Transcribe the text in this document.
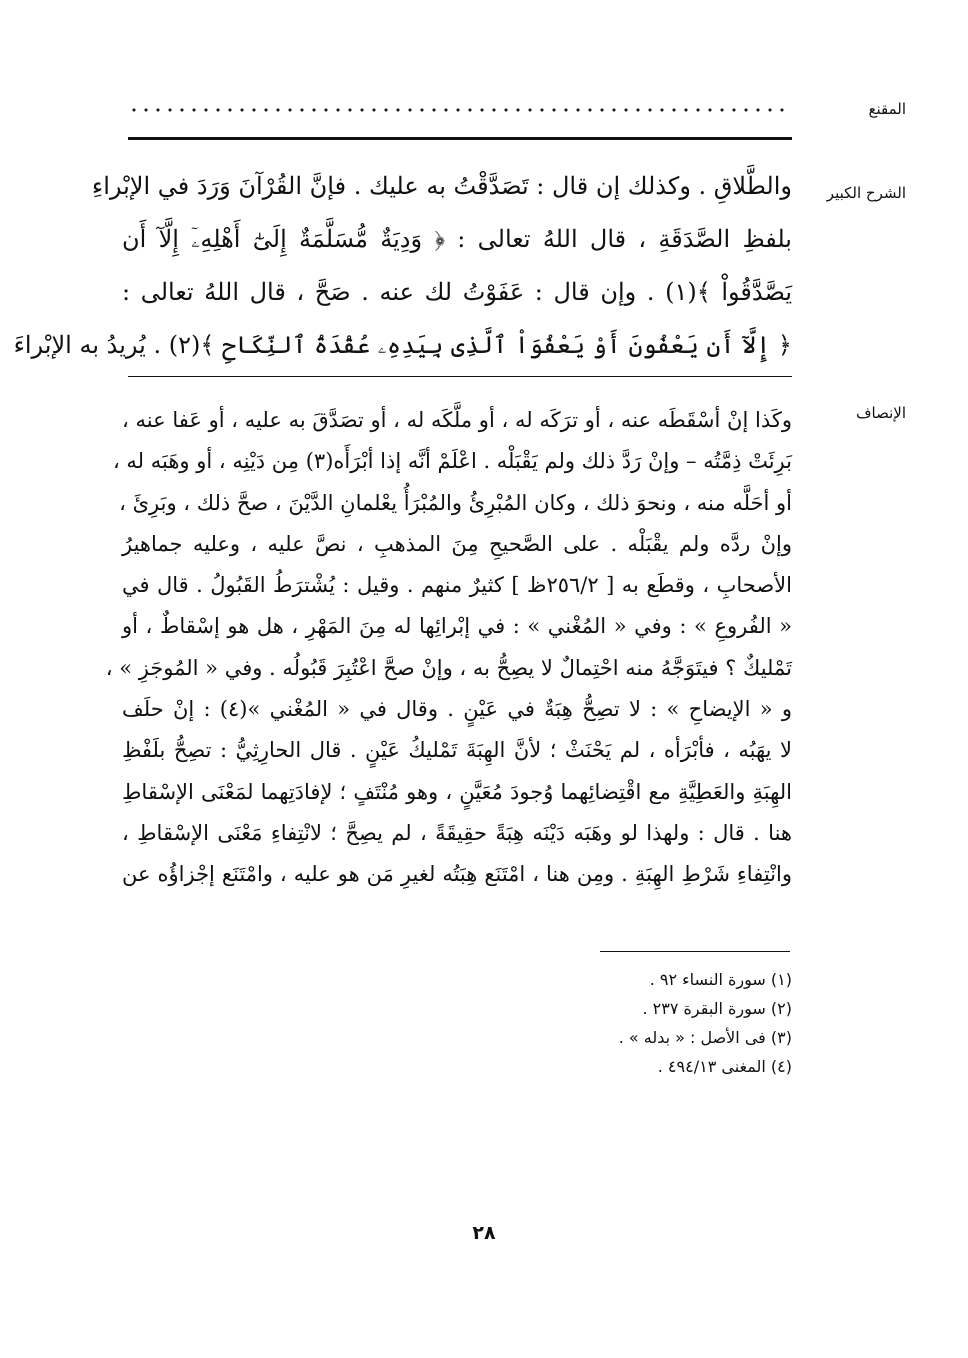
المقنع
الشرح الكبير
والطَّلاقِ . وكذلك إن قال : تَصَدَّقْتُ به عليك . فإنَّ القُرْآنَ وَرَدَ في الإبْراءِ
بلفظِ الصَّدَقَةِ ، قال اللهُ تعالى : ﴿ وَدِيَةٌ مُّسَلَّمَةٌ إِلَىٰٓ أَهْلِهِۦٓ إِلَّآ أَن
يَصَّدَّقُواْ ﴾(١) . وإن قال : عَفَوْتُ لك عنه . صَحَّ ، قال اللهُ تعالى :
﴿ إِلَّآ أَن يَعْفُونَ أَوْ يَعْفُوَاْ ٱلَّذِى بِيَدِهِۦ عُقْدَةُ ٱلنِّكَاحِ ﴾(٢) . يُريدُ به الإبْراءَ
الإنصاف
وكَذا إنْ أسْقَطَه عنه ، أو ترَكَه له ، أو ملَّكَه له ، أو تصَدَّقَ به عليه ، أو عَفا عنه ،
بَرِئَتْ ذِمَّتُه – وإنْ رَدَّ ذلك ولم يَقْبَلْه . اعْلَمْ أنَّه إذا أبْرَأَه(٣) مِن دَيْنِه ، أو وهَبَه له ،
أو أحَلَّه منه ، ونحوَ ذلك ، وكان المُبْرِئُ والمُبْرَأُ يعْلمانِ الدَّيْنَ ، صحَّ ذلك ، وبَرِئَ ،
وإنْ ردَّه ولم يقْبَلْه . على الصَّحيحِ مِنَ المذهبِ ، نصَّ عليه ، وعليه جماهيرُ
الأصحابِ ، وقطَع به [ ٢٥٦/٢ظ ] كثيرٌ منهم . وقيل : يُشْترَطُ القَبُولُ . قال في
« الفُروعِ » : وفي « المُغْني » : في إبْرائِها له مِنَ المَهْرِ ، هل هو إسْقاطٌ ، أو
تَمْليكٌ ؟ فيتَوَجَّهُ منه احْتِمالٌ لا يصِحُّ به ، وإنْ صحَّ اعْتُبِرَ قَبُولُه . وفي « المُوجَزِ » ،
و « الإيضاحِ » : لا تصِحُّ هِبَةٌ في عَيْنٍ . وقال في « المُغْني »(٤) : إنْ حلَف
لا يهَبُه ، فأبْرَأه ، لم يَحْنَثْ ؛ لأنَّ الهِبَةَ تَمْليكُ عَيْنٍ . قال الحارِثِيُّ : تصِحُّ بلَفْظِ
الهِبَةِ والعَطِيَّةِ مع اقْتِضائِهما وُجودَ مُعَيَّنٍ ، وهو مُنْتَفٍ ؛ لإفادَتِهما لمَعْنَى الإسْقاطِ
هنا . قال : ولهذا لو وهَبَه دَيْنَه هِبَةً حقِيقَةً ، لم يصِحَّ ؛ لانْتِفاءِ مَعْنَى الإسْقاطِ ،
وانْتِفاءِ شَرْطِ الهِبَةِ . ومِن هنا ، امْتَنَع هِبَتُه لغيرِ مَن هو عليه ، وامْتَنَع إجْزاؤُه عن
(١) سورة النساء ٩٢ .
(٢) سورة البقرة ٢٣٧ .
(٣) فى الأصل : « بدله » .
(٤) المغنى ٤٩٤/١٣ .
٢٨
